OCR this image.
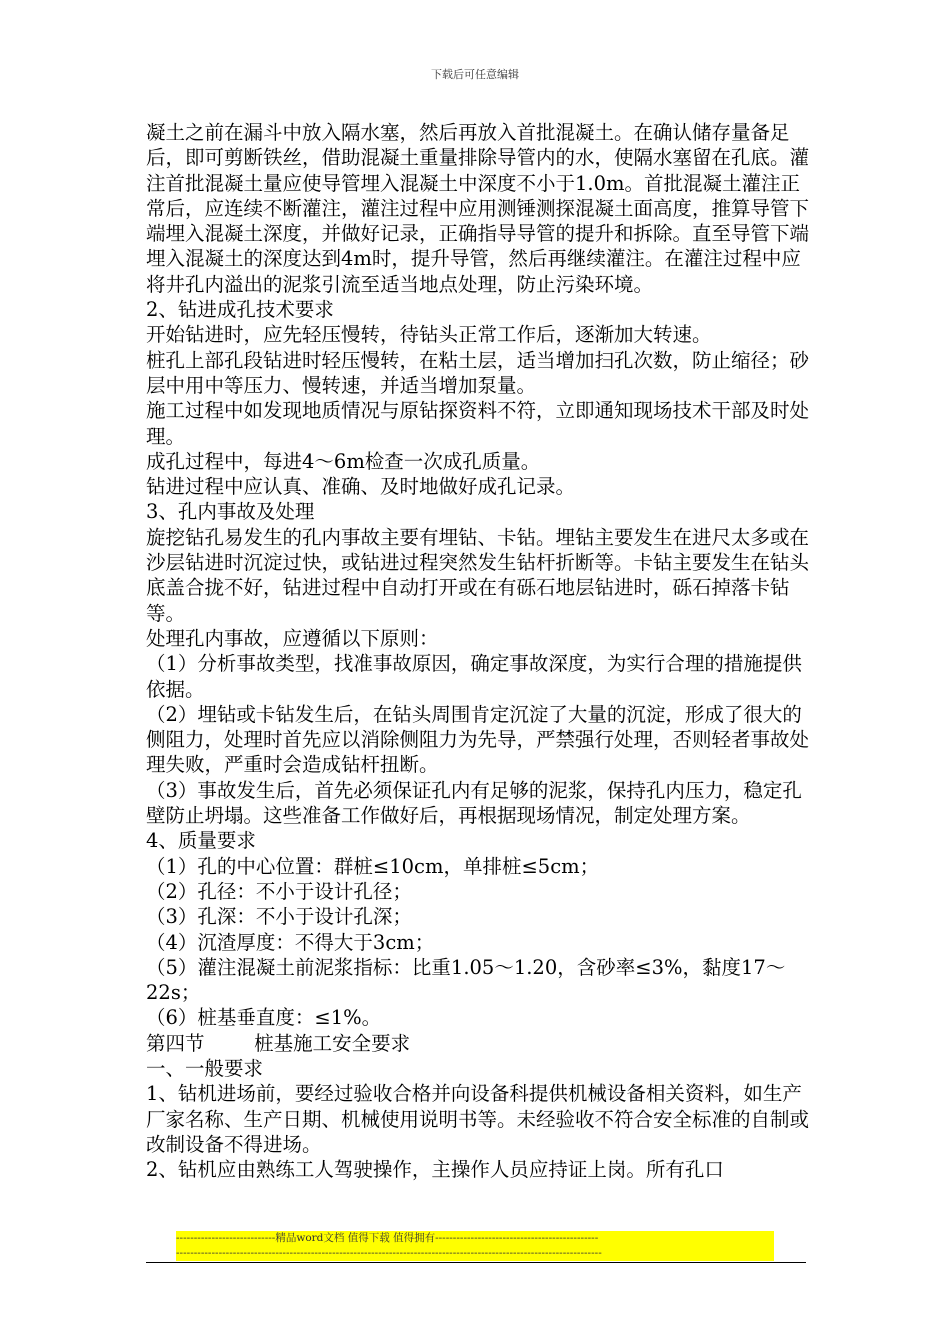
下载后可任意编辑

凝土之前在漏斗中放入隔水塞，然后再放入首批混凝土。在确认储存量备足后，即可剪断铁丝，借助混凝土重量排除导管内的水，使隔水塞留在孔底。灌注首批混凝土量应使导管埋入混凝土中深度不小于1.0m。首批混凝土灌注正常后，应连续不断灌注，灌注过程中应用测锤测探混凝土面高度，推算导管下端埋入混凝土深度，并做好记录，正确指导导管的提升和拆除。直至导管下端埋入混凝土的深度达到4m时，提升导管，然后再继续灌注。在灌注过程中应将井孔内溢出的泥浆引流至适当地点处理，防止污染环境。

2、钻进成孔技术要求

开始钻进时，应先轻压慢转，待钻头正常工作后，逐渐加大转速。

桩孔上部孔段钻进时轻压慢转，在粘土层，适当增加扫孔次数，防止缩径；砂层中用中等压力、慢转速，并适当增加泵量。

施工过程中如发现地质情况与原钻探资料不符，立即通知现场技术干部及时处理。

成孔过程中，每进4～6m检查一次成孔质量。

钻进过程中应认真、准确、及时地做好成孔记录。

3、孔内事故及处理

旋挖钻孔易发生的孔内事故主要有埋钻、卡钻。埋钻主要发生在进尺太多或在沙层钻进时沉淀过快，或钻进过程突然发生钻杆折断等。卡钻主要发生在钻头底盖合拢不好，钻进过程中自动打开或在有砾石地层钻进时，砾石掉落卡钻等。

处理孔内事故，应遵循以下原则：

（1）分析事故类型，找准事故原因，确定事故深度，为实行合理的措施提供依据。

（2）埋钻或卡钻发生后，在钻头周围肯定沉淀了大量的沉淀，形成了很大的侧阻力，处理时首先应以消除侧阻力为先导，严禁强行处理，否则轻者事故处理失败，严重时会造成钻杆扭断。

（3）事故发生后，首先必须保证孔内有足够的泥浆，保持孔内压力，稳定孔壁防止坍塌。这些准备工作做好后，再根据现场情况，制定处理方案。

4、质量要求

（1）孔的中心位置：群桩≤10cm，单排桩≤5cm；

（2）孔径：不小于设计孔径；

（3）孔深：不小于设计孔深；

（4）沉渣厚度：不得大于3cm；

（5）灌注混凝土前泥浆指标：比重1.05～1.20，含砂率≤3%，黏度17～22s；

（6）桩基垂直度：≤1%。

第四节        桩基施工安全要求

一、一般要求

1、钻机进场前，要经过验收合格并向设备科提供机械设备相关资料，如生产厂家名称、生产日期、机械使用说明书等。未经验收不符合安全标准的自制或改制设备不得进场。

2、钻机应由熟练工人驾驶操作，主操作人员应持证上岗。所有孔口

----------------------------精品word文档 值得下载 值得拥有----------------------------------------------
------------------------------------------------------------------------------------------------------------------------
